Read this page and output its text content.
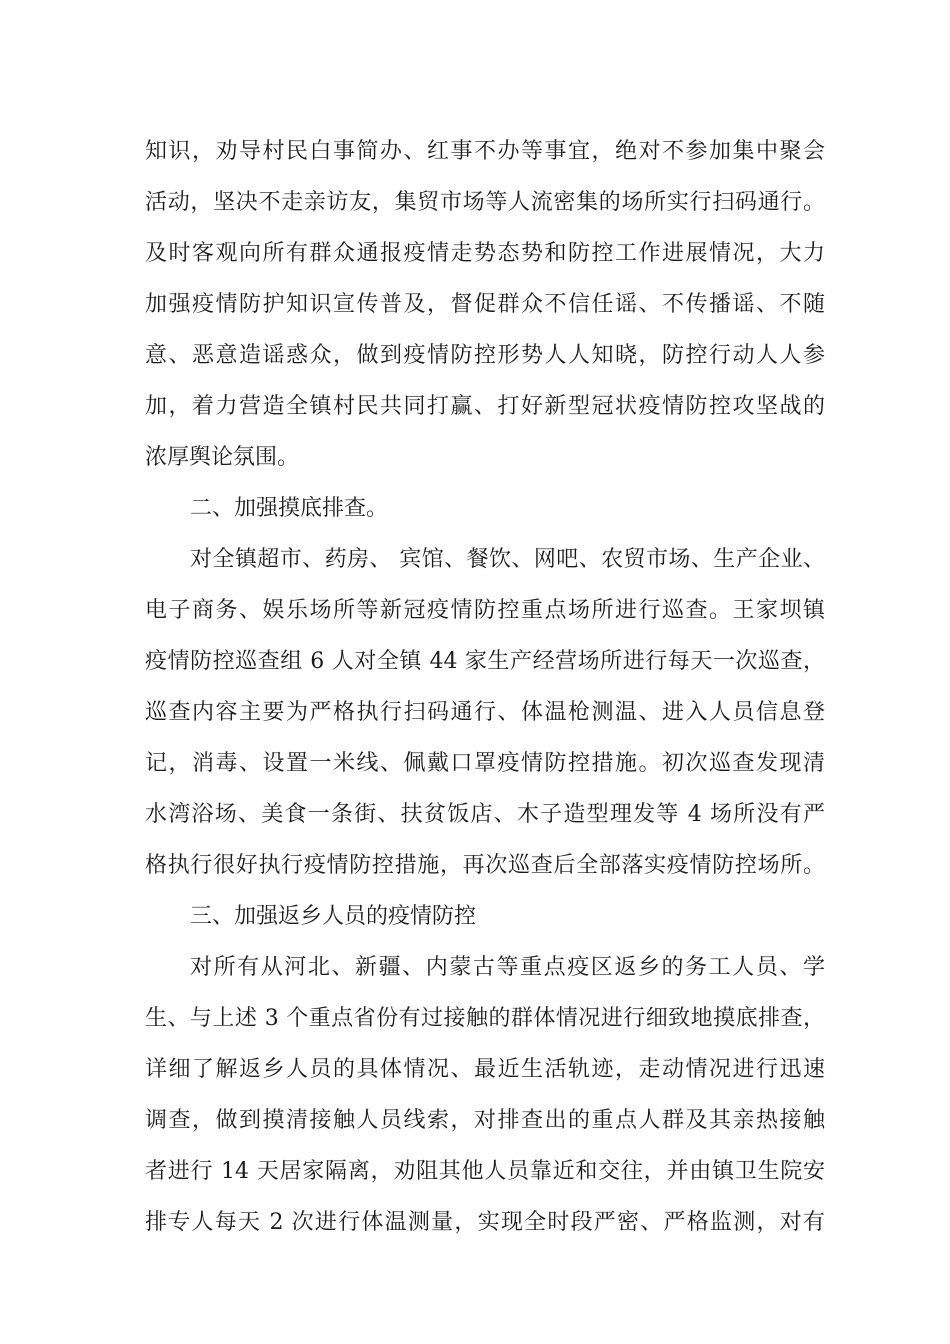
知识，劝导村民白事简办、红事不办等事宜，绝对不参加集中聚会
活动，坚决不走亲访友，集贸市场等人流密集的场所实行扫码通行。
及时客观向所有群众通报疫情走势态势和防控工作进展情况，大力
加强疫情防护知识宣传普及，督促群众不信任谣、不传播谣、不随
意、恶意造谣惑众，做到疫情防控形势人人知晓，防控行动人人参
加，着力营造全镇村民共同打赢、打好新型冠状疫情防控攻坚战的
浓厚舆论氛围。
二、加强摸底排查。
对全镇超市、药房、 宾馆、餐饮、网吧、农贸市场、生产企业、
电子商务、娱乐场所等新冠疫情防控重点场所进行巡查。王家坝镇
疫情防控巡查组 6 人对全镇 44 家生产经营场所进行每天一次巡查，
巡查内容主要为严格执行扫码通行、体温枪测温、进入人员信息登
记，消毒、设置一米线、佩戴口罩疫情防控措施。初次巡查发现清
水湾浴场、美食一条街、扶贫饭店、木子造型理发等 4 场所没有严
格执行很好执行疫情防控措施，再次巡查后全部落实疫情防控场所。
三、加强返乡人员的疫情防控
对所有从河北、新疆、内蒙古等重点疫区返乡的务工人员、学
生、与上述 3 个重点省份有过接触的群体情况进行细致地摸底排查，
详细了解返乡人员的具体情况、最近生活轨迹，走动情况进行迅速
调查，做到摸清接触人员线索，对排查出的重点人群及其亲热接触
者进行 14 天居家隔离，劝阻其他人员靠近和交往，并由镇卫生院安
排专人每天 2 次进行体温测量，实现全时段严密、严格监测，对有
